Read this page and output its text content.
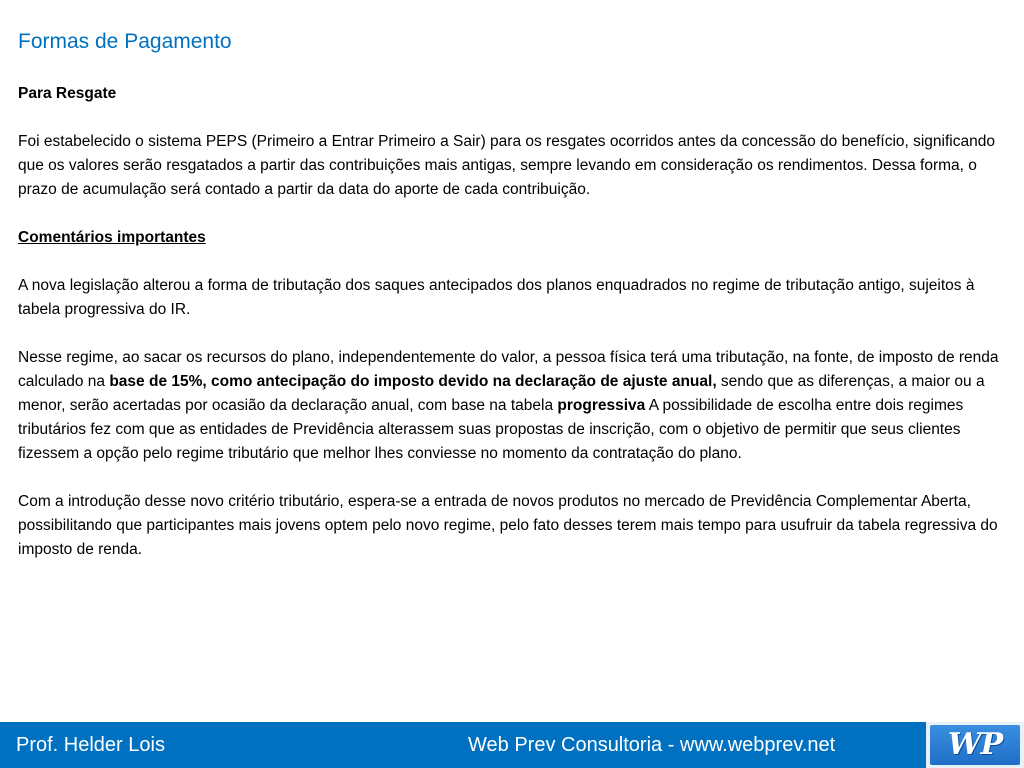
Formas de Pagamento

Para Resgate

Foi estabelecido o sistema PEPS (Primeiro a Entrar Primeiro a Sair) para os resgates ocorridos antes da concessão do benefício, significando que os valores serão resgatados a partir das contribuições mais antigas, sempre levando em consideração os rendimentos. Dessa forma, o prazo de acumulação será contado a partir da data do aporte de cada contribuição.

Comentários importantes

A nova legislação alterou a forma de tributação dos saques antecipados dos planos enquadrados no regime de tributação antigo, sujeitos à tabela progressiva do IR.

Nesse regime, ao sacar os recursos do plano, independentemente do valor, a pessoa física terá uma tributação, na fonte, de imposto de renda calculado na base de 15%, como antecipação do imposto devido na declaração de ajuste anual, sendo que as diferenças, a maior ou a menor, serão acertadas por ocasião da declaração anual, com base na tabela progressiva A possibilidade de escolha entre dois regimes tributários fez com que as entidades de Previdência alterassem suas propostas de inscrição, com o objetivo de permitir que seus clientes fizessem a opção pelo regime tributário que melhor lhes conviesse no momento da contratação do plano.

Com a introdução desse novo critério tributário, espera-se a entrada de novos produtos no mercado de Previdência Complementar Aberta, possibilitando que participantes mais jovens optem pelo novo regime, pelo fato desses terem mais tempo para usufruir da tabela regressiva do imposto de renda.

Prof. Helder Lois	Web Prev Consultoria - www.webprev.net	WP
